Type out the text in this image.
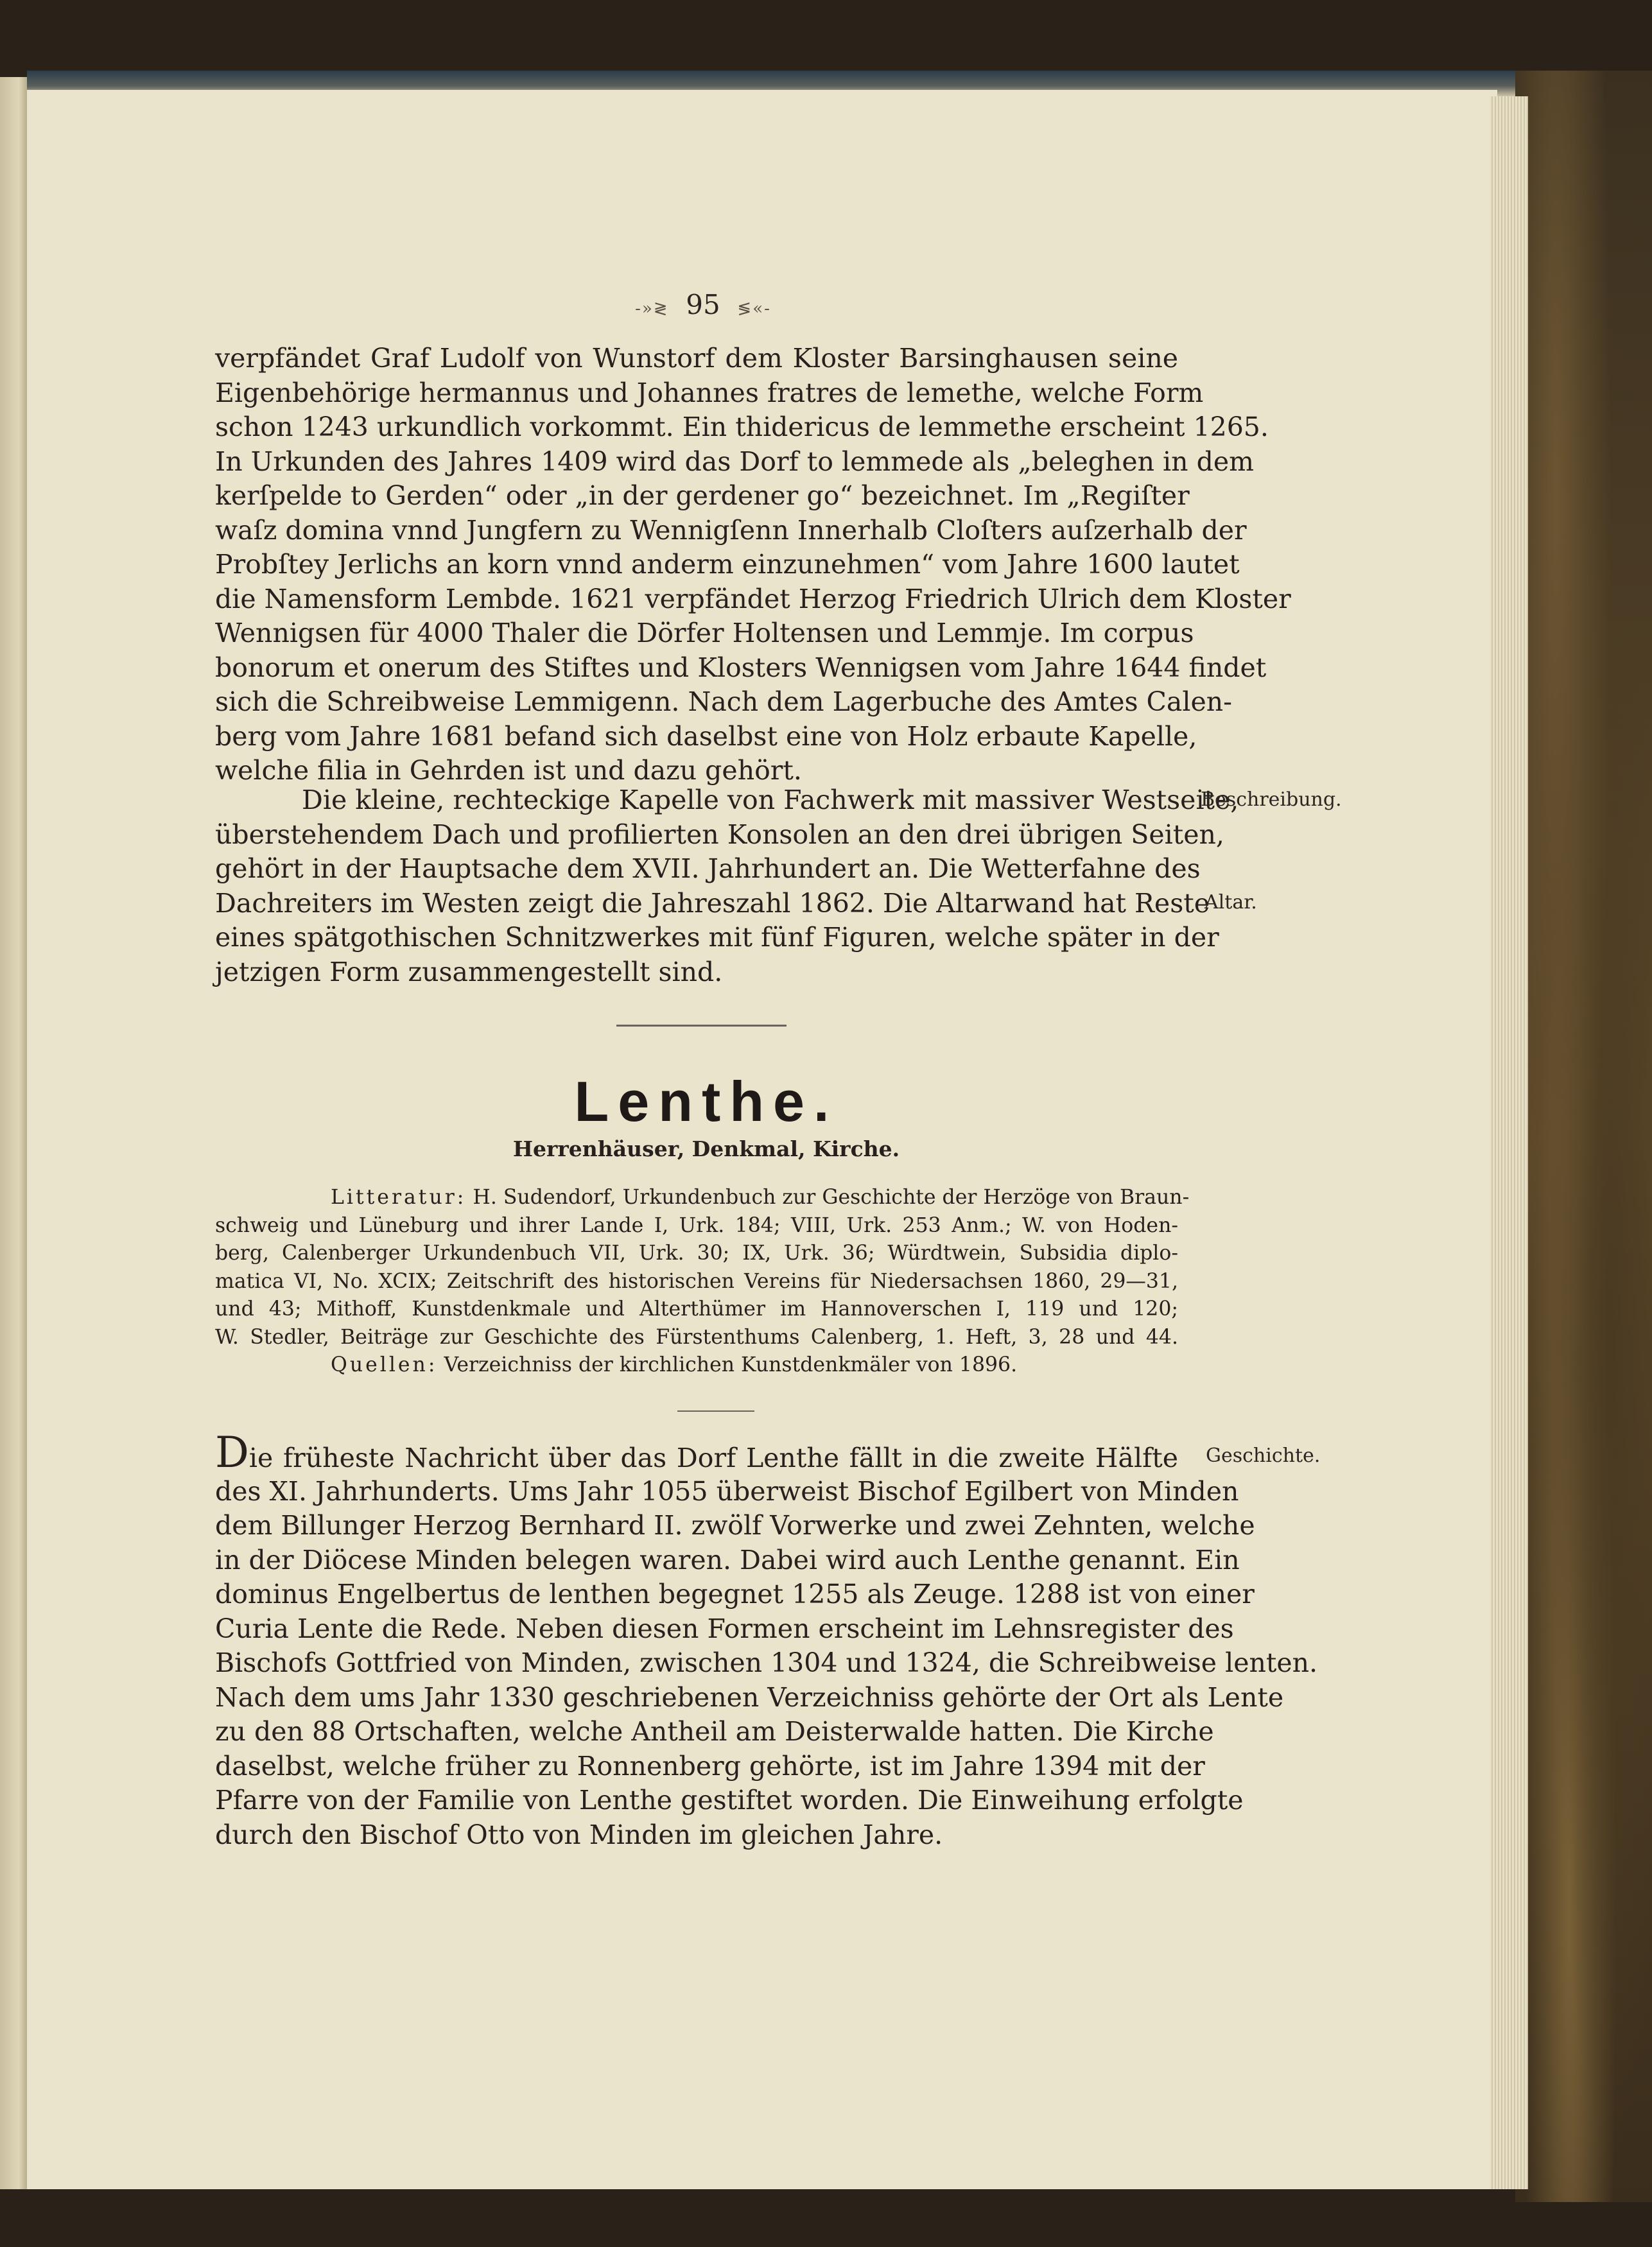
-»≷ 95 ≶«-
verpfändet Graf Ludolf von Wunstorf dem Kloster Barsinghausen seine
Eigenbehörige hermannus und Johannes fratres de lemethe, welche Form
schon 1243 urkundlich vorkommt. Ein thidericus de lemmethe erscheint 1265.
In Urkunden des Jahres 1409 wird das Dorf to lemmede als „beleghen in dem
kerſpelde to Gerden“ oder „in der gerdener go“ bezeichnet. Im „Regiſter
waſz domina vnnd Jungfern zu Wennigſenn Innerhalb Cloſters auſzerhalb der
Probſtey Jerlichs an korn vnnd anderm einzunehmen“ vom Jahre 1600 lautet
die Namensform Lembde. 1621 verpfändet Herzog Friedrich Ulrich dem Kloster
Wennigsen für 4000 Thaler die Dörfer Holtensen und Lemmje. Im corpus
bonorum et onerum des Stiftes und Klosters Wennigsen vom Jahre 1644 findet
sich die Schreibweise Lemmigenn. Nach dem Lagerbuche des Amtes Calen-
berg vom Jahre 1681 befand sich daselbst eine von Holz erbaute Kapelle,
welche filia in Gehrden ist und dazu gehört.
Die kleine, rechteckige Kapelle von Fachwerk mit massiver Westseite,
überstehendem Dach und profilierten Konsolen an den drei übrigen Seiten,
gehört in der Hauptsache dem XVII. Jahrhundert an. Die Wetterfahne des
Dachreiters im Westen zeigt die Jahreszahl 1862. Die Altarwand hat Reste
eines spätgothischen Schnitzwerkes mit fünf Figuren, welche später in der
jetzigen Form zusammengestellt sind.
Beschreibung.
Altar.
Lenthe.
Herrenhäuser, Denkmal, Kirche.
Litteratur: H. Sudendorf, Urkundenbuch zur Geschichte der Herzöge von Braun-
schweig und Lüneburg und ihrer Lande I, Urk. 184; VIII, Urk. 253 Anm.; W. von Hoden-
berg, Calenberger Urkundenbuch VII, Urk. 30; IX, Urk. 36; Würdtwein, Subsidia diplo-
matica VI, No. XCIX; Zeitschrift des historischen Vereins für Niedersachsen 1860, 29—31,
und 43; Mithoff, Kunstdenkmale und Alterthümer im Hannoverschen I, 119 und 120;
W. Stedler, Beiträge zur Geschichte des Fürstenthums Calenberg, 1. Heft, 3, 28 und 44.
Quellen: Verzeichniss der kirchlichen Kunstdenkmäler von 1896.
Die früheste Nachricht über das Dorf Lenthe fällt in die zweite Hälfte
des XI. Jahrhunderts. Ums Jahr 1055 überweist Bischof Egilbert von Minden
dem Billunger Herzog Bernhard II. zwölf Vorwerke und zwei Zehnten, welche
in der Diöcese Minden belegen waren. Dabei wird auch Lenthe genannt. Ein
dominus Engelbertus de lenthen begegnet 1255 als Zeuge. 1288 ist von einer
Curia Lente die Rede. Neben diesen Formen erscheint im Lehnsregister des
Bischofs Gottfried von Minden, zwischen 1304 und 1324, die Schreibweise lenten.
Nach dem ums Jahr 1330 geschriebenen Verzeichniss gehörte der Ort als Lente
zu den 88 Ortschaften, welche Antheil am Deisterwalde hatten. Die Kirche
daselbst, welche früher zu Ronnenberg gehörte, ist im Jahre 1394 mit der
Pfarre von der Familie von Lenthe gestiftet worden. Die Einweihung erfolgte
durch den Bischof Otto von Minden im gleichen Jahre.
Geschichte.
